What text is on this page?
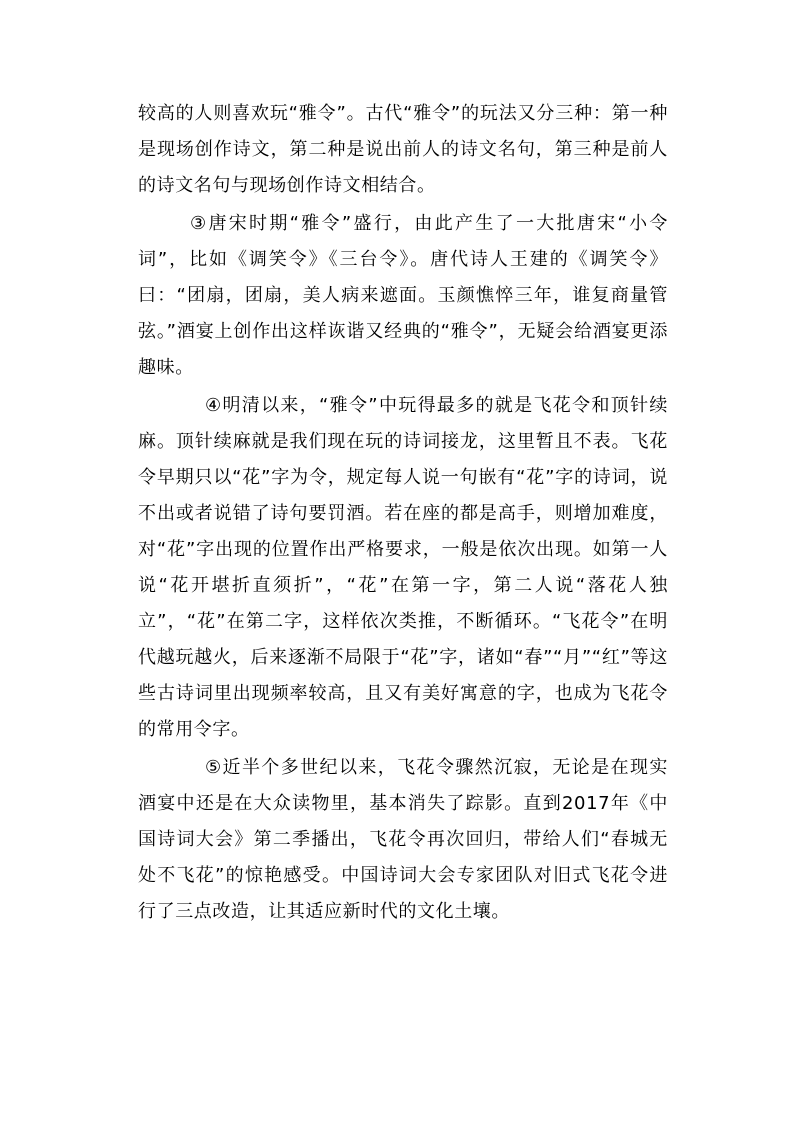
较高的人则喜欢玩“雅令”。古代“雅令”的玩法又分三种：第一种是现场创作诗文，第二种是说出前人的诗文名句，第三种是前人的诗文名句与现场创作诗文相结合。

③唐宋时期“雅令”盛行，由此产生了一大批唐宋“小令词”，比如《调笑令》《三台令》。唐代诗人王建的《调笑令》曰：“团扇，团扇，美人病来遮面。玉颜憔悴三年，谁复商量管弦。”酒宴上创作出这样诙谐又经典的“雅令”，无疑会给酒宴更添趣味。

④明清以来，“雅令”中玩得最多的就是飞花令和顶针续麻。顶针续麻就是我们现在玩的诗词接龙，这里暂且不表。飞花令早期只以“花”字为令，规定每人说一句嵌有“花”字的诗词，说不出或者说错了诗句要罚酒。若在座的都是高手，则增加难度，对“花”字出现的位置作出严格要求，一般是依次出现。如第一人说“花开堪折直须折”，“花”在第一字，第二人说“落花人独立”，“花”在第二字，这样依次类推，不断循环。“飞花令”在明代越玩越火，后来逐渐不局限于“花”字，诸如“春”“月”“红”等这些古诗词里出现频率较高，且又有美好寓意的字，也成为飞花令的常用令字。

⑤近半个多世纪以来，飞花令骤然沉寂，无论是在现实酒宴中还是在大众读物里，基本消失了踪影。直到2017年《中国诗词大会》第二季播出，飞花令再次回归，带给人们“春城无处不飞花”的惊艳感受。中国诗词大会专家团队对旧式飞花令进行了三点改造，让其适应新时代的文化土壤。
